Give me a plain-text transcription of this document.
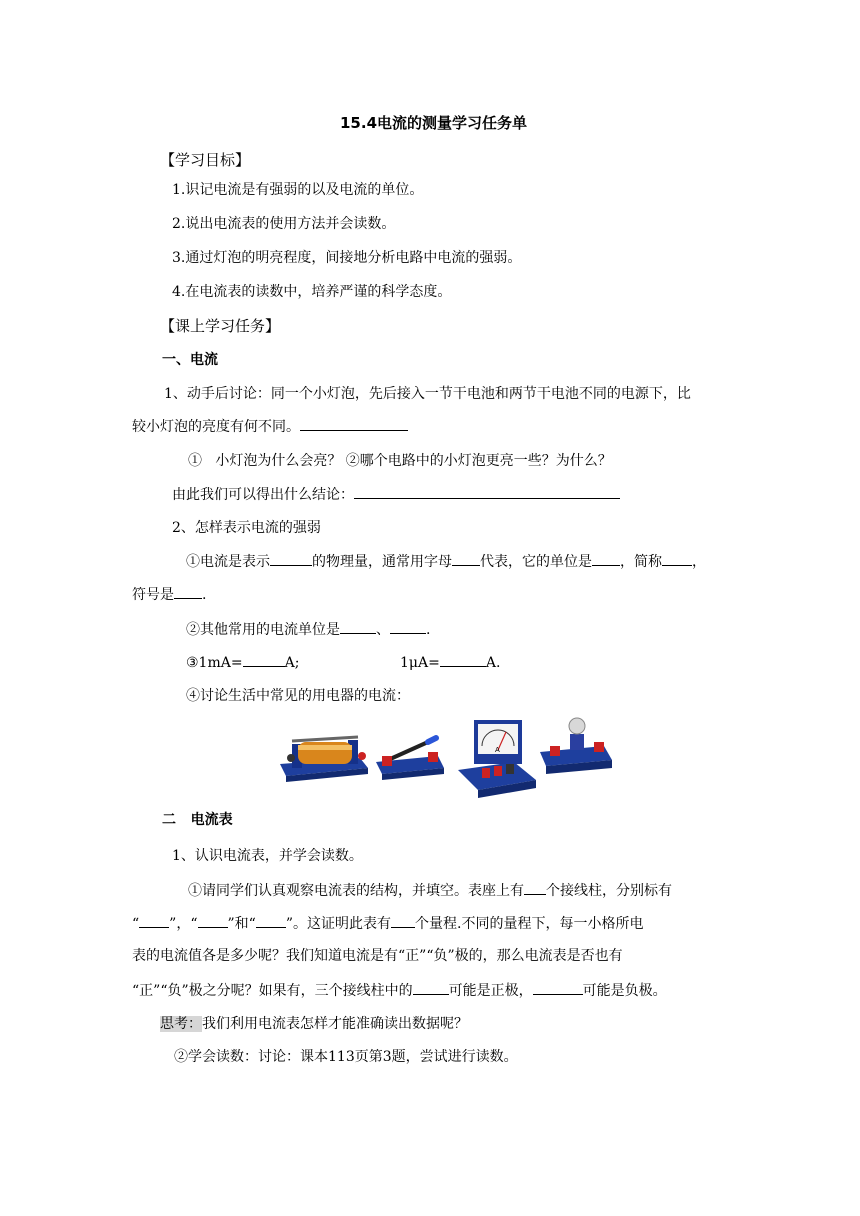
15.4电流的测量学习任务单
【学习目标】
1.识记电流是有强弱的以及电流的单位。
2.说出电流表的使用方法并会读数。
3.通过灯泡的明亮程度，间接地分析电路中电流的强弱。
4.在电流表的读数中，培养严谨的科学态度。
【课上学习任务】
一、电流
1、动手后讨论：同一个小灯泡，先后接入一节干电池和两节干电池不同的电源下，比
较小灯泡的亮度有何不同。
①   小灯泡为什么会亮？ ②哪个电路中的小灯泡更亮一些？为什么？
由此我们可以得出什么结论：
2、怎样表示电流的强弱
①电流是表示	的物理量，通常用字母 代表，它的单位是 ，简称 ，
符号是 .
②其他常用的电流单位是	、	.
③1mA=	A;	1μA=	A.
④讨论生活中常见的用电器的电流：
A
二   电流表
1、认识电流表，并学会读数。
①请同学们认真观察电流表的结构，并填空。表座上有 个接线柱，分别标有
“ ”，“ ”和“ ”。这证明此表有 个量程.不同的量程下，每一小格所电
表的电流值各是多少呢？我们知道电流是有“正”“负”极的，那么电流表是否也有
“正”“负”极之分呢？如果有，三个接线柱中的	可能是正极，	可能是负极。
思考：我们利用电流表怎样才能准确读出数据呢？
②学会读数：讨论：课本113页第3题，尝试进行读数。
